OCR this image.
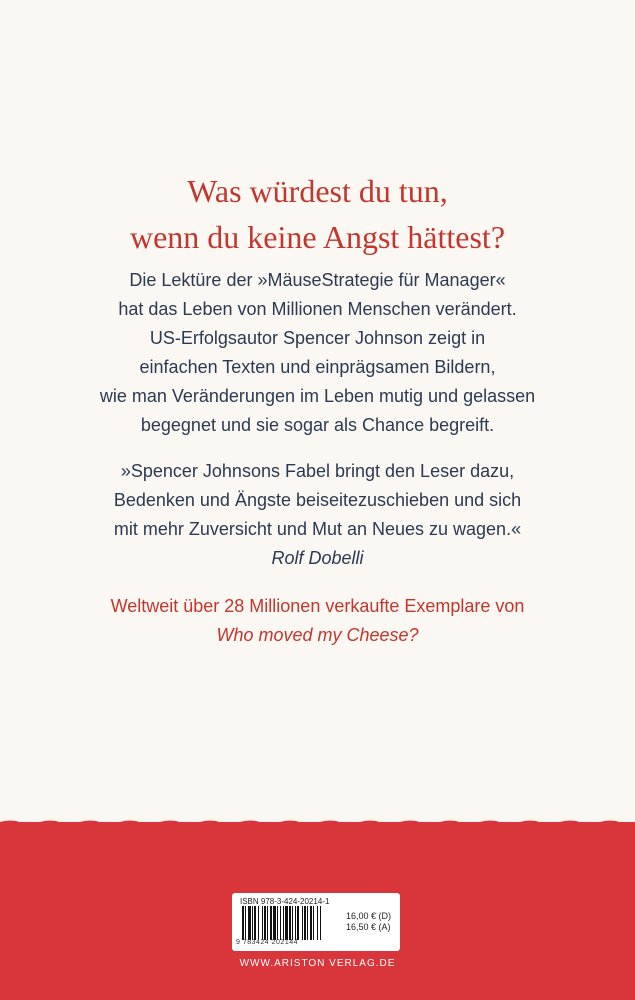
Was würdest du tun,
wenn du keine Angst hättest?
Die Lektüre der »MäuseStrategie für Manager«
hat das Leben von Millionen Menschen verändert.
US-Erfolgsautor Spencer Johnson zeigt in
einfachen Texten und einprägsamen Bildern,
wie man Veränderungen im Leben mutig und gelassen
begegnet und sie sogar als Chance begreift.
»Spencer Johnsons Fabel bringt den Leser dazu,
Bedenken und Ängste beiseitezuschieben und sich
mit mehr Zuversicht und Mut an Neues zu wagen.«
Rolf Dobelli
Weltweit über 28 Millionen verkaufte Exemplare von
Who moved my Cheese?
ISBN 978-3-424-20214-1
9 783424 202144
16,00 € (D)
16,50 € (A)
WWW.ARISTON VERLAG.DE
